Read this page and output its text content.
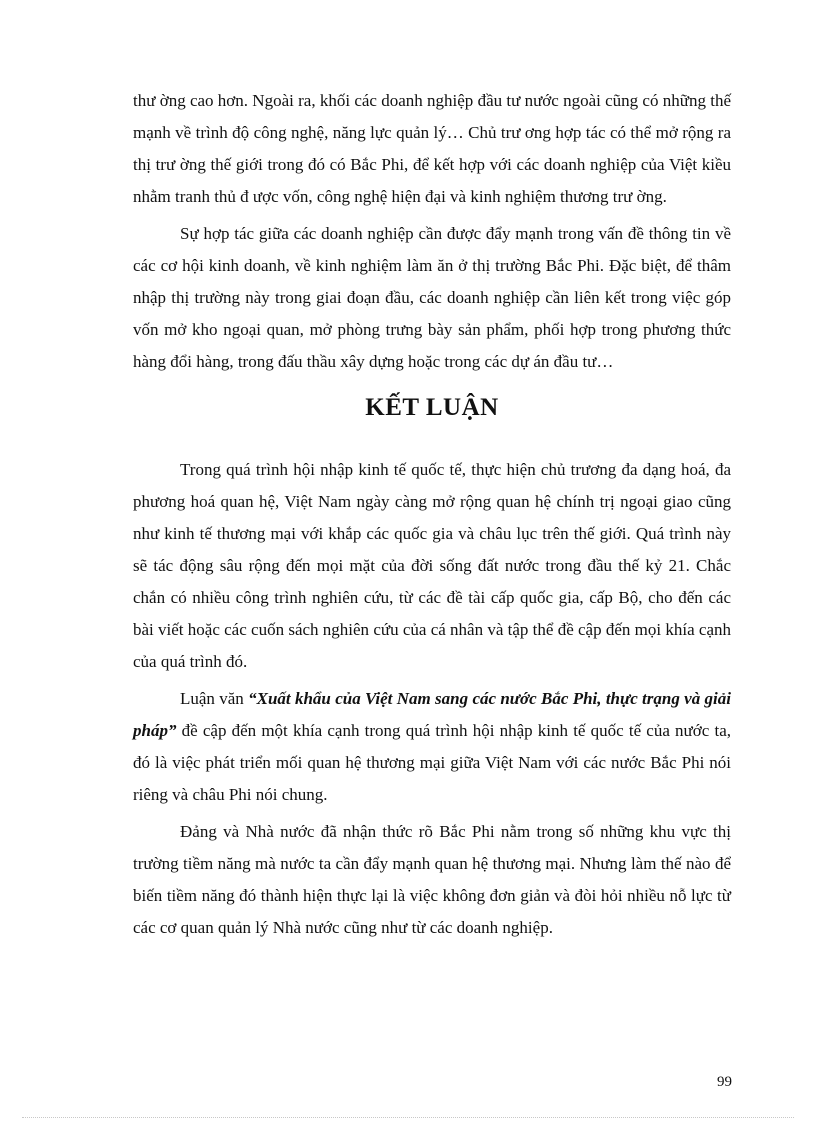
thư ờng cao hơn. Ngoài ra, khối các doanh nghiệp đầu tư nước ngoài cũng có những thế mạnh về trình độ công nghệ, năng lực quản lý… Chủ trư ơng hợp tác có thể mở rộng ra thị trư ờng thế giới trong đó có Bắc Phi, để kết hợp với các doanh nghiệp của Việt kiều nhằm tranh thủ đ ược vốn, công nghệ hiện đại và kinh nghiệm thương trư ờng.

Sự hợp tác giữa các doanh nghiệp cần được đẩy mạnh trong vấn đề thông tin về các cơ hội kinh doanh, về kinh nghiệm làm ăn ở thị trường Bắc Phi. Đặc biệt, để thâm nhập thị trường này trong giai đoạn đầu, các doanh nghiệp cần liên kết trong việc góp vốn mở kho ngoại quan, mở phòng trưng bày sản phẩm, phối hợp trong phương thức hàng đổi hàng, trong đấu thầu xây dựng hoặc trong các dự án đầu tư…

KẾT LUẬN

Trong quá trình hội nhập kinh tế quốc tế, thực hiện chủ trương đa dạng hoá, đa phương hoá quan hệ, Việt Nam ngày càng mở rộng quan hệ chính trị ngoại giao cũng như kinh tế thương mại với khắp các quốc gia và châu lục trên thế giới. Quá trình này sẽ tác động sâu rộng đến mọi mặt của đời sống đất nước trong đầu thế kỷ 21. Chắc chắn có nhiều công trình nghiên cứu, từ các đề tài cấp quốc gia, cấp Bộ, cho đến các bài viết hoặc các cuốn sách nghiên cứu của cá nhân và tập thể đề cập đến mọi khía cạnh của quá trình đó.

Luận văn “Xuất khẩu của Việt Nam sang các nước Bắc Phi, thực trạng và giải pháp” đề cập đến một khía cạnh trong quá trình hội nhập kinh tế quốc tế của nước ta, đó là việc phát triển mối quan hệ thương mại giữa Việt Nam với các nước Bắc Phi nói riêng và châu Phi nói chung.

Đảng và Nhà nước đã nhận thức rõ Bắc Phi nằm trong số những khu vực thị trường tiềm năng mà nước ta cần đẩy mạnh quan hệ thương mại. Nhưng làm thế nào để biến tiềm năng đó thành hiện thực lại là việc không đơn giản và đòi hỏi nhiều nỗ lực từ các cơ quan quản lý Nhà nước cũng như từ các doanh nghiệp.

99
